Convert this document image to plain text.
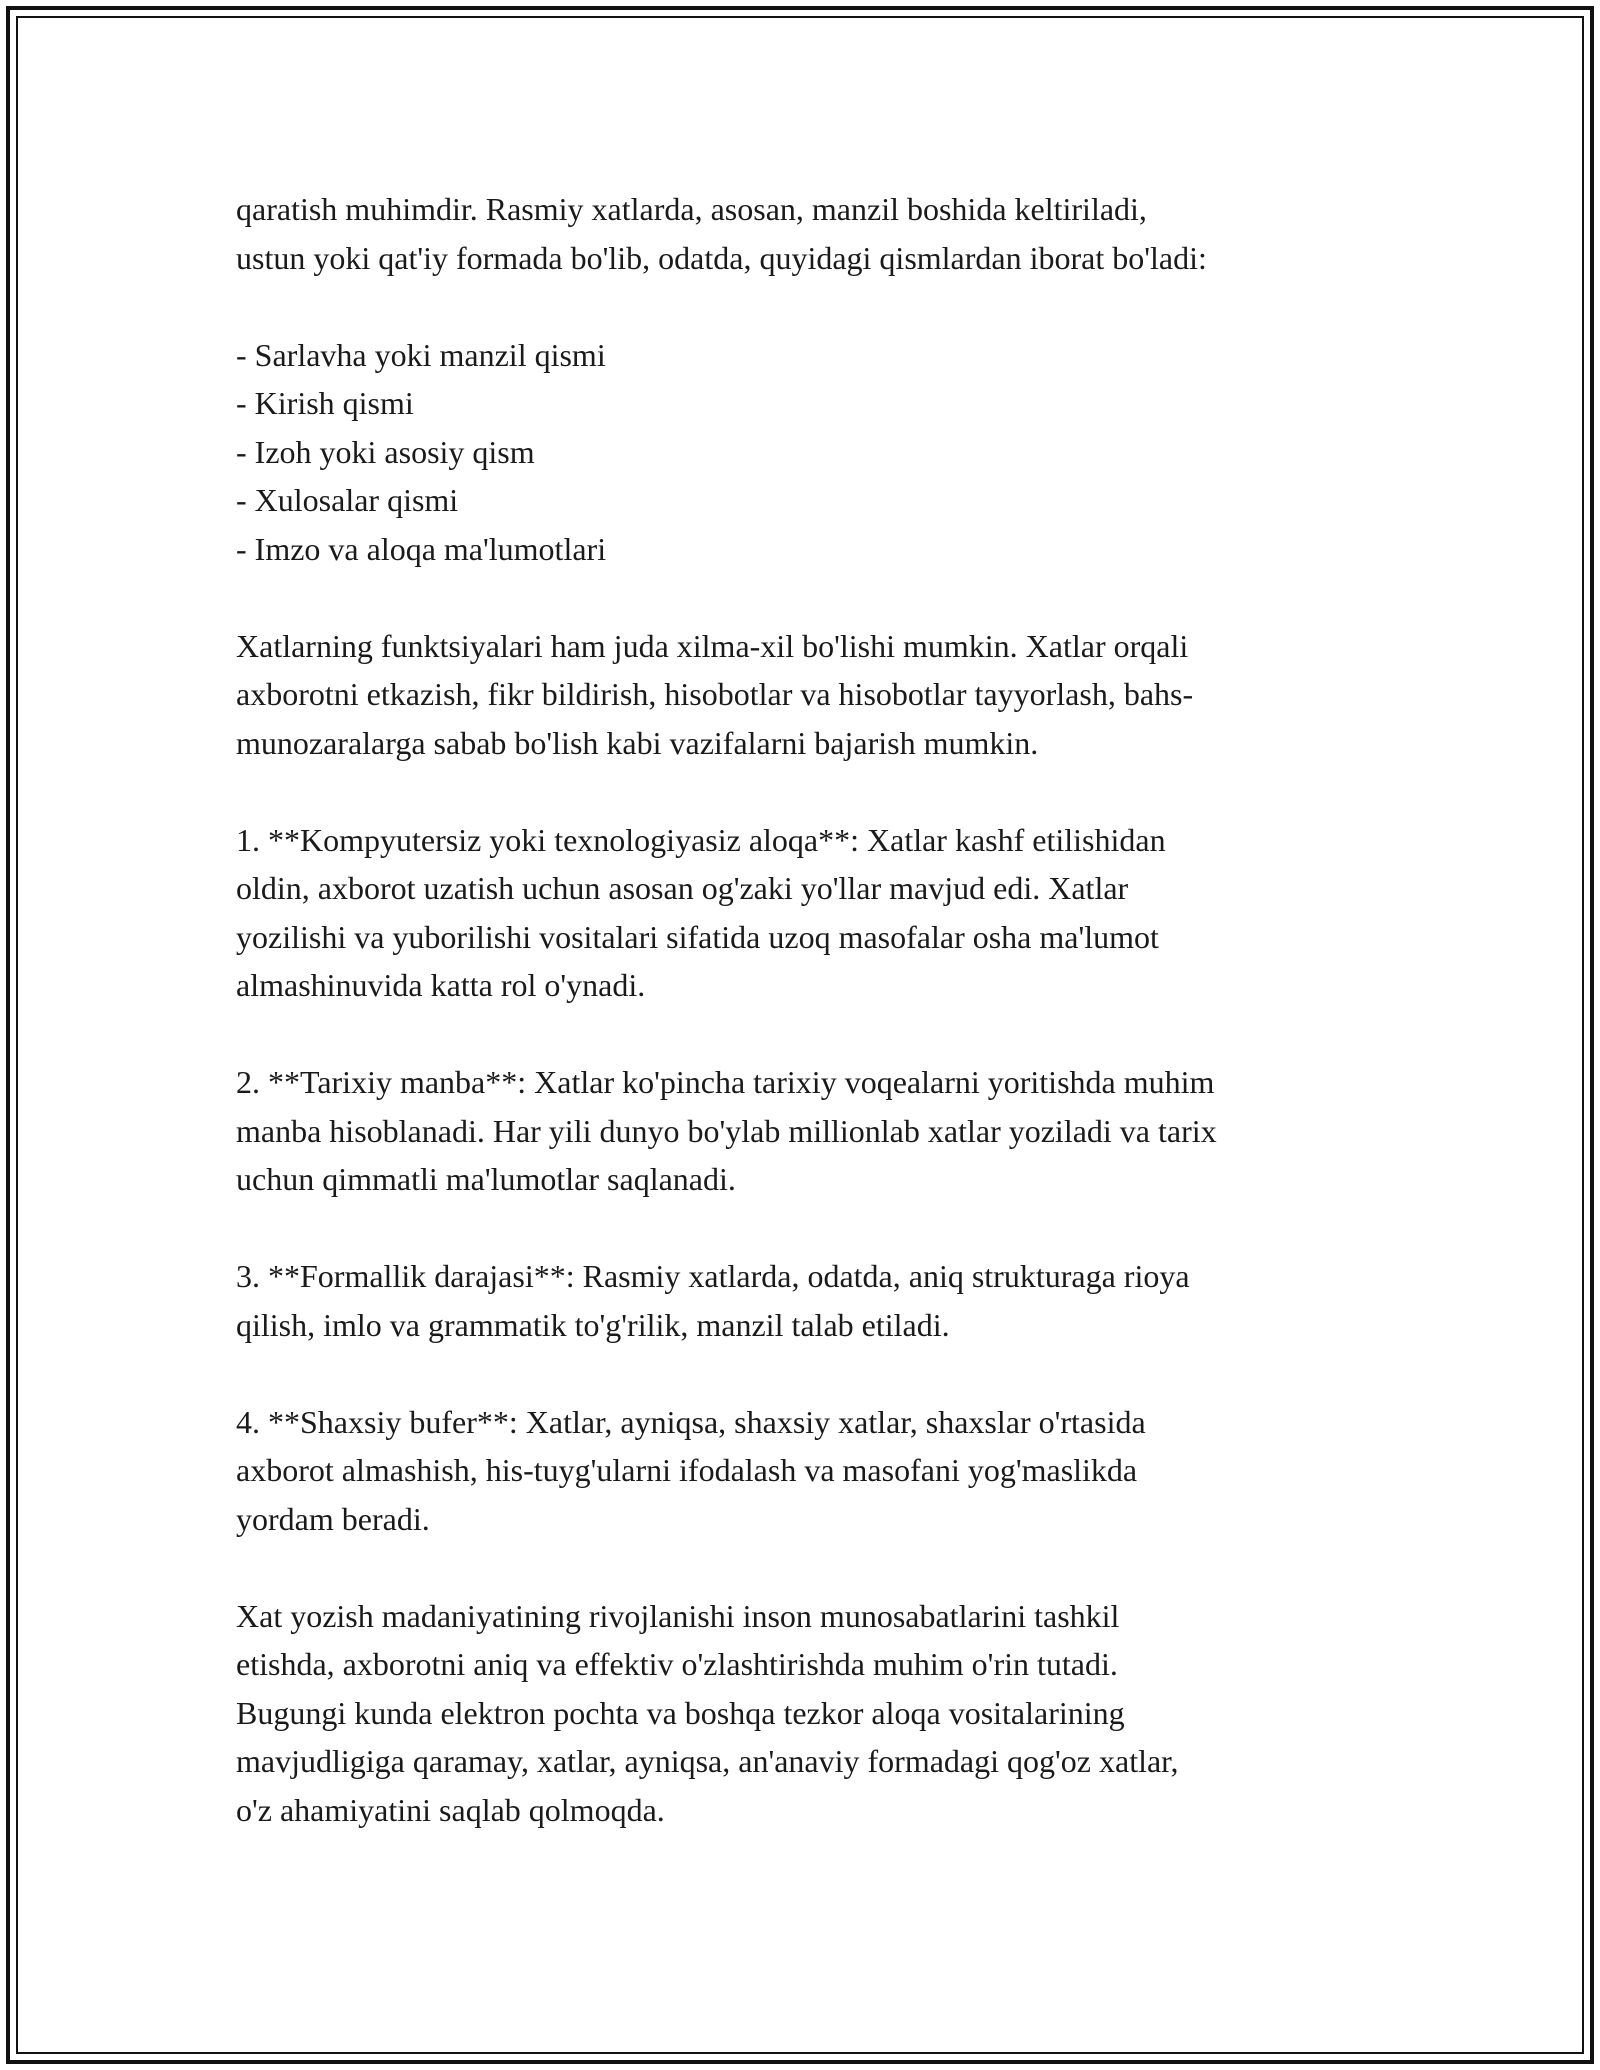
qaratish muhimdir. Rasmiy xatlarda, asosan, manzil boshida keltiriladi,
ustun yoki qat'iy formada bo'lib, odatda, quyidagi qismlardan iborat bo'ladi:
- Sarlavha yoki manzil qismi
- Kirish qismi
- Izoh yoki asosiy qism
- Xulosalar qismi
- Imzo va aloqa ma'lumotlari
Xatlarning funktsiyalari ham juda xilma-xil bo'lishi mumkin. Xatlar orqali
axborotni etkazish, fikr bildirish, hisobotlar va hisobotlar tayyorlash, bahs-
munozaralarga sabab bo'lish kabi vazifalarni bajarish mumkin.
1. **Kompyutersiz yoki texnologiyasiz aloqa**: Xatlar kashf etilishidan
oldin, axborot uzatish uchun asosan og'zaki yo'llar mavjud edi. Xatlar
yozilishi va yuborilishi vositalari sifatida uzoq masofalar osha ma'lumot
almashinuvida katta rol o'ynadi.
2. **Tarixiy manba**: Xatlar ko'pincha tarixiy voqealarni yoritishda muhim
manba hisoblanadi. Har yili dunyo bo'ylab millionlab xatlar yoziladi va tarix
uchun qimmatli ma'lumotlar saqlanadi.
3. **Formallik darajasi**: Rasmiy xatlarda, odatda, aniq strukturaga rioya
qilish, imlo va grammatik to'g'rilik, manzil talab etiladi.
4. **Shaxsiy bufer**: Xatlar, ayniqsa, shaxsiy xatlar, shaxslar o'rtasida
axborot almashish, his-tuyg'ularni ifodalash va masofani yog'maslikda
yordam beradi.
Xat yozish madaniyatining rivojlanishi inson munosabatlarini tashkil
etishda, axborotni aniq va effektiv o'zlashtirishda muhim o'rin tutadi.
Bugungi kunda elektron pochta va boshqa tezkor aloqa vositalarining
mavjudligiga qaramay, xatlar, ayniqsa, an'anaviy formadagi qog'oz xatlar,
o'z ahamiyatini saqlab qolmoqda.
